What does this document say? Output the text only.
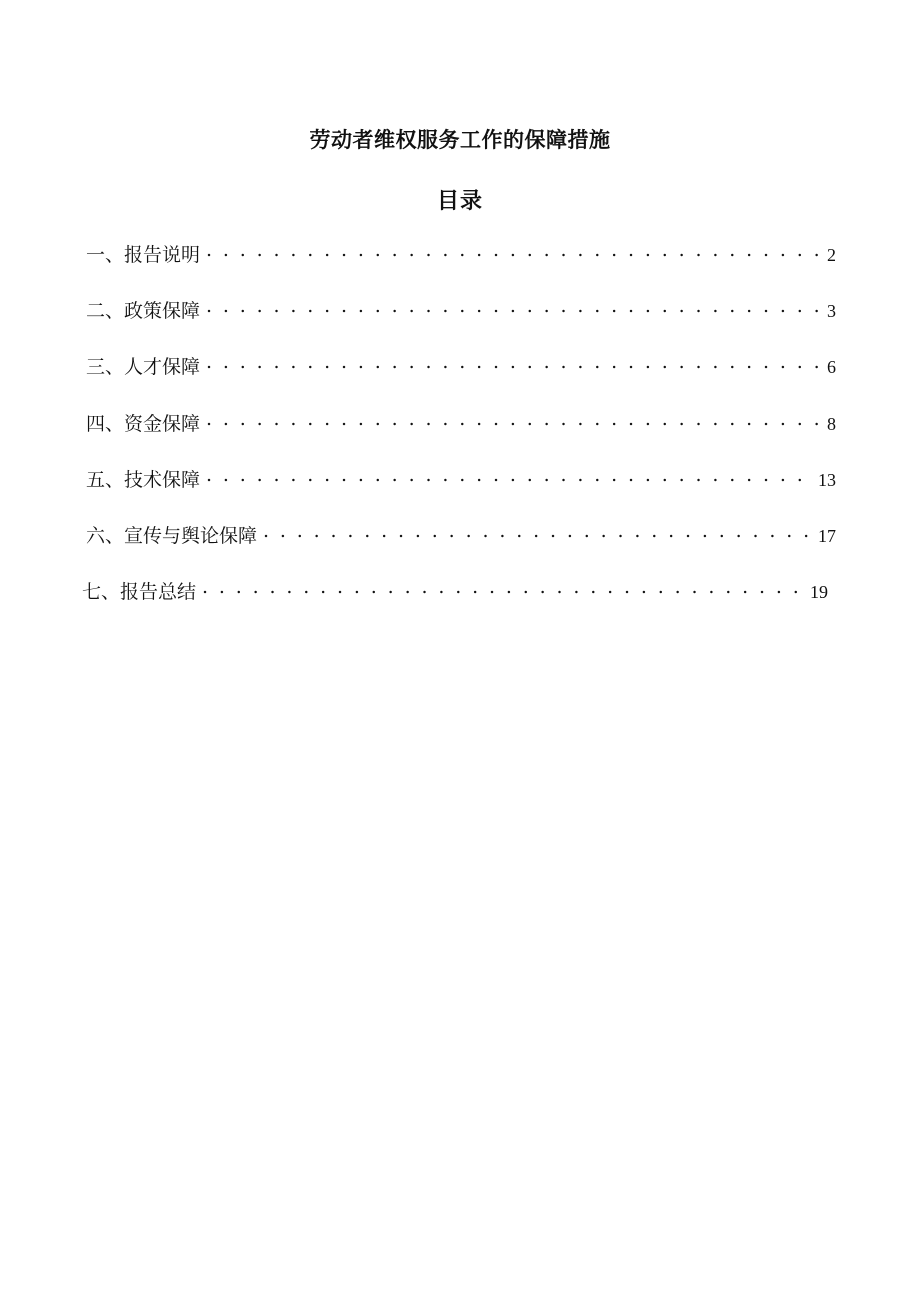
劳动者维权服务工作的保障措施
目录
一、报告说明 . . .	2
二、政策保障 . . .	3
三、人才保障 . . .	6
四、资金保障 . . .	8
五、技术保障 . . .	13
六、宣传与舆论保障 . . .	17
七、报告总结 . . .	19
